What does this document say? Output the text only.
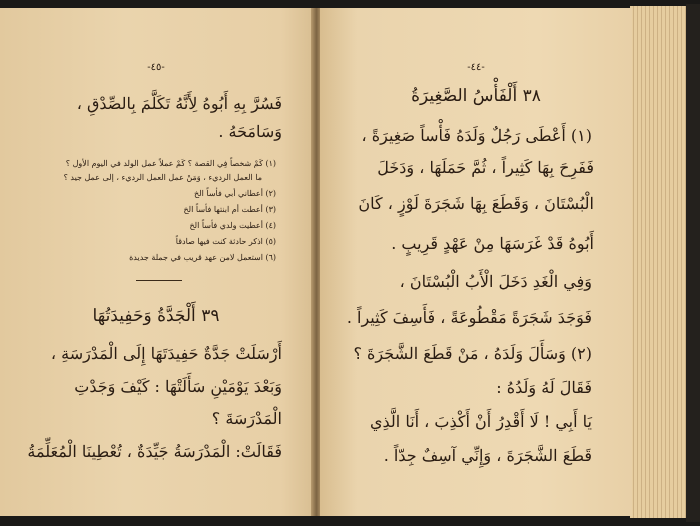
-٤٥-
فَسُرَّ بِهِ أَبُوهُ لِأَنَّهُ تَكَلَّمَ بِالصِّدْقِ ،
وَسَامَحَهُ .
(١) كَمْ شخصاً فِي القصة ؟ كَمْ عملاً عمل الولد في اليوم الأول ؟
ما العمل الرديء ، وَمَنْ عمل العمل الرديء ، إلى عمل جيد ؟
(٢) أعطاني أبي فأساً الخ
(٣) أعطت أم ابنتها فأساً الخ
(٤) أعطيت ولدي فأساً الخ
(٥) اذكر حادثة كنت فيها صادقاً
(٦) استعمل لامن عهد قريب في جملة جديدة
٣٩ أَلْجَدَّةُ وَحَفِيدَتُهَا
أَرْسَلَتْ جَدَّةٌ حَفِيدَتَهَا إِلَى الْمَدْرَسَةِ ،
وَبَعْدَ يَوْمَيْنِ سَأَلَتْهَا : كَيْفَ وَجَدْتِ
الْمَدْرَسَةَ ؟
فَقَالَتْ: الْمَدْرَسَةُ جَيِّدَةٌ ، تُعْطِينَا الْمُعَلِّمَةُ
-٤٤-
٣٨ أَلْفَأْسُ الصَّغِيرَةُ
(١) أَعْطَى رَجُلٌ وَلَدَهُ فَأْساً صَغِيرَةً ،
فَفَرِحَ بِهَا كَثِيراً ، ثُمَّ حَمَلَهَا ، وَدَخَلَ
الْبُسْتَانَ ، وَقَطَعَ بِهَا شَجَرَةَ لَوْزٍ ، كَانَ
أَبُوهُ قَدْ غَرَسَهَا مِنْ عَهْدٍ قَرِيبٍ .
وَفِي الْغَدِ دَخَلَ الْأَبُ الْبُسْتَانَ ،
فَوَجَدَ شَجَرَةً مَقْطُوعَةً ، فَأَسِفَ كَثِيراً .
(٢) وَسَأَلَ وَلَدَهُ ، مَنْ قَطَعَ الشَّجَرَةَ ؟
فَقَالَ لَهُ وَلَدُهُ :
يَا أَبِي ! لَا أَقْدِرُ أَنْ أَكْذِبَ ، أَنَا الَّذِي
قَطَعَ الشَّجَرَةَ ، وَإِنِّي آسِفٌ جِدّاً .
